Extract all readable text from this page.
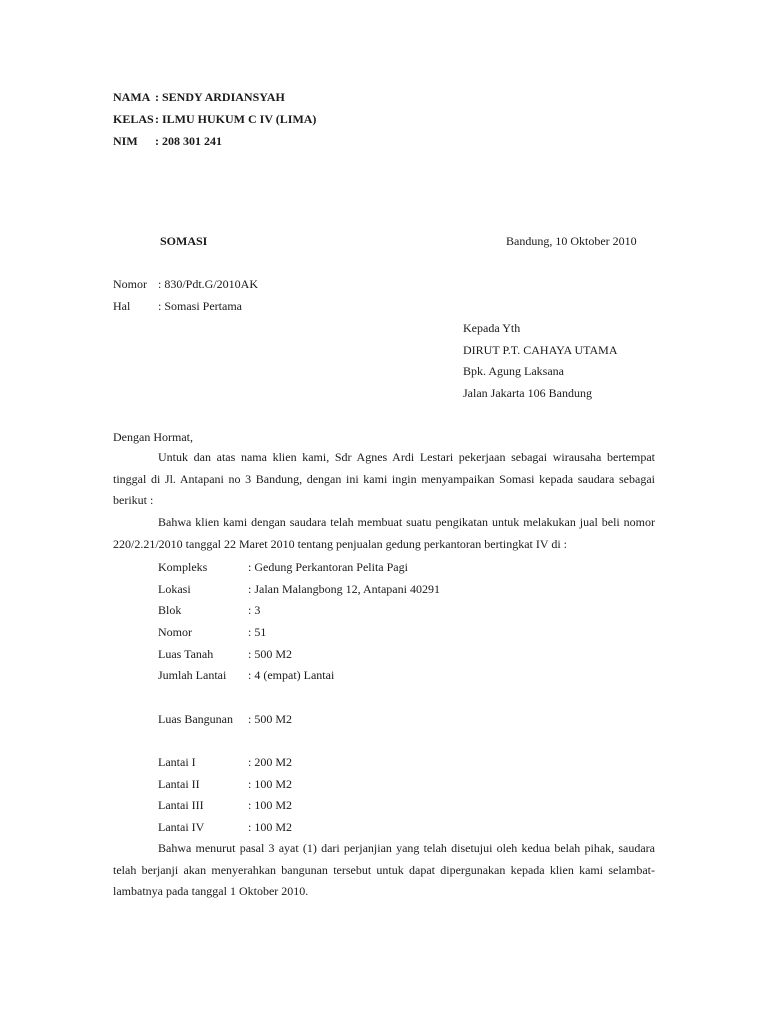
NAMA : SENDY ARDIANSYAH
KELAS : ILMU HUKUM C IV (LIMA)
NIM : 208 301 241
SOMASI	Bandung, 10 Oktober 2010
Nomor : 830/Pdt.G/2010AK
Hal : Somasi Pertama
Kepada Yth
DIRUT P.T. CAHAYA UTAMA
Bpk. Agung Laksana
Jalan Jakarta 106 Bandung
Dengan Hormat,
Untuk dan atas nama klien kami, Sdr Agnes Ardi Lestari pekerjaan sebagai wirausaha bertempat tinggal di Jl. Antapani no 3 Bandung, dengan ini kami ingin menyampaikan Somasi kepada saudara sebagai berikut :
Bahwa klien kami dengan saudara telah membuat suatu pengikatan untuk melakukan jual beli nomor 220/2.21/2010 tanggal 22 Maret 2010 tentang penjualan gedung perkantoran bertingkat IV di :
Kompleks	: Gedung Perkantoran Pelita Pagi
Lokasi	: Jalan Malangbong 12, Antapani 40291
Blok	: 3
Nomor	: 51
Luas Tanah	: 500 M2
Jumlah Lantai : 4 (empat) Lantai
Luas Bangunan : 500 M2
Lantai I	: 200 M2
Lantai II	: 100 M2
Lantai III	: 100 M2
Lantai IV	: 100 M2
Bahwa menurut pasal 3 ayat (1) dari perjanjian yang telah disetujui oleh kedua belah pihak, saudara telah berjanji akan menyerahkan bangunan tersebut untuk dapat dipergunakan kepada klien kami selambat-lambatnya pada tanggal 1 Oktober 2010.
